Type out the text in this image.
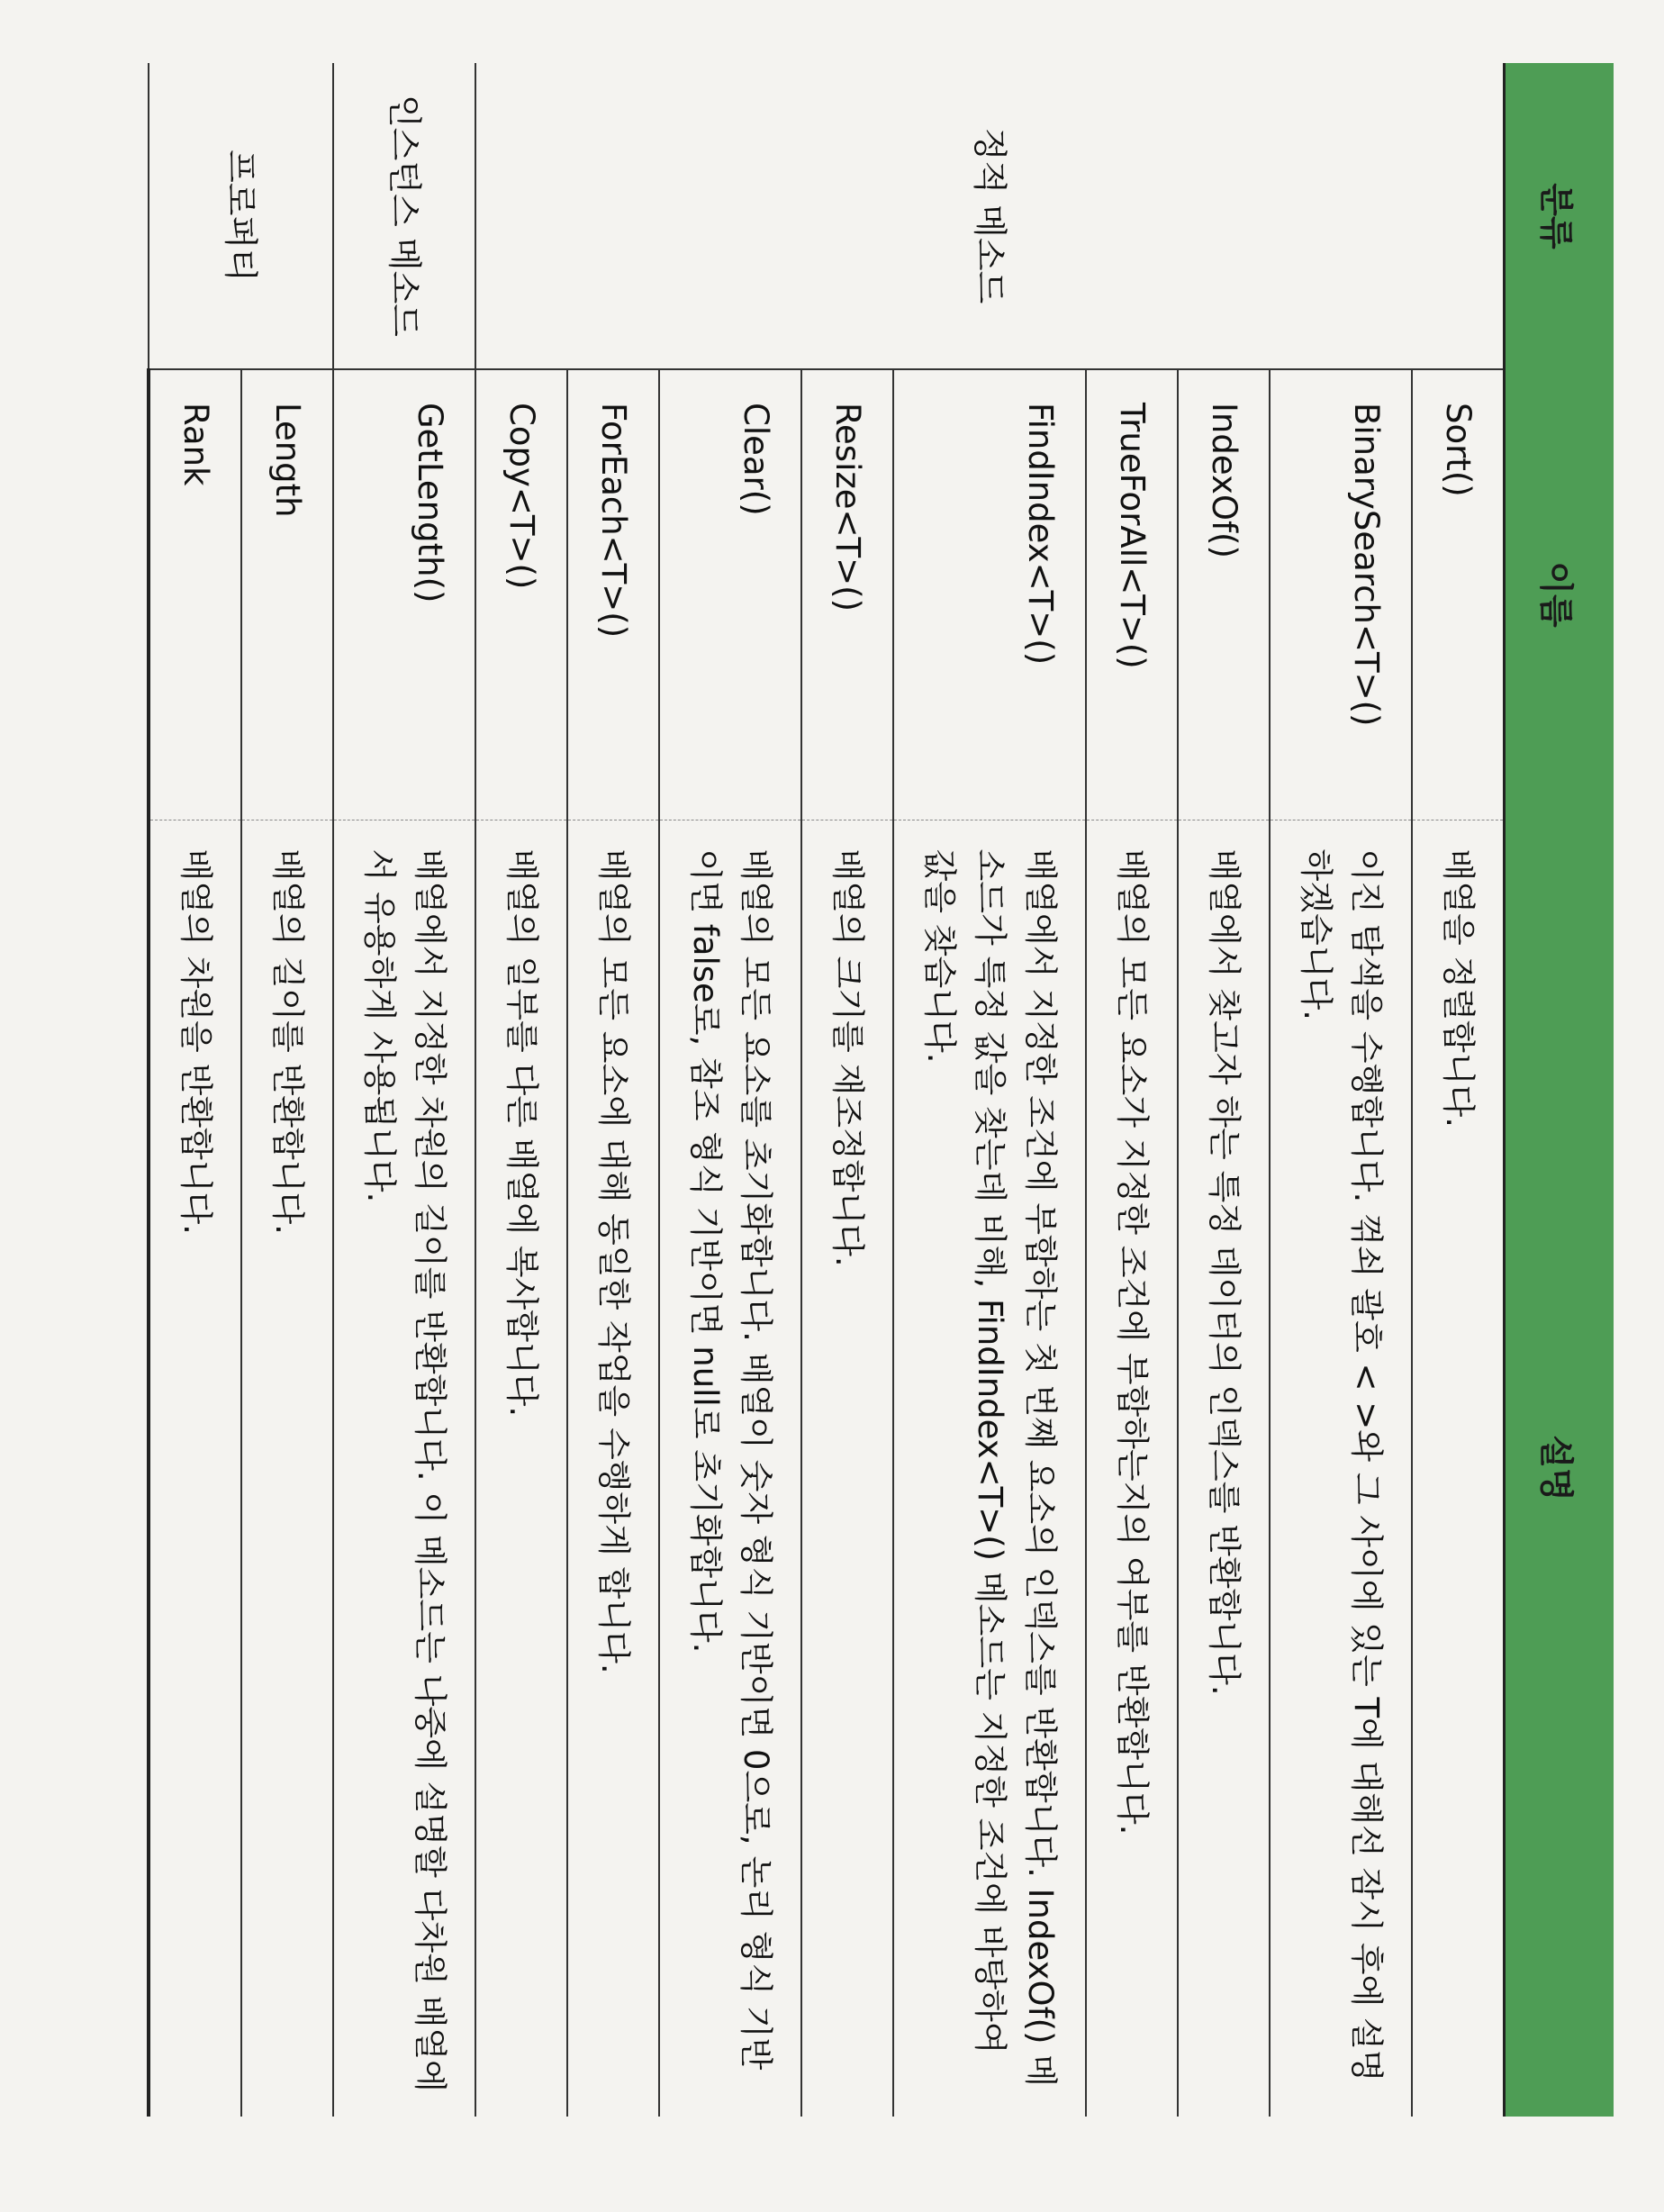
분류	이름	설명
정적 메소드	Sort()	배열을 정렬합니다.
	BinarySearch<T>()	이진 탐색을 수행합니다. 꺾쇠 괄호 < >와 그 사이에 있는 T에 대해선 잠시 후에 설명하겠습니다.
	IndexOf()	배열에서 찾고자 하는 특정 데이터의 인덱스를 반환합니다.
	TrueForAll<T>()	배열의 모든 요소가 지정한 조건에 부합하는지의 여부를 반환합니다.
	FindIndex<T>()	배열에서 지정한 조건에 부합하는 첫 번째 요소의 인덱스를 반환합니다. IndexOf() 메소드가 특정 값을 찾는데 비해, FindIndex<T>() 메소드는 지정한 조건에 바탕하여 값을 찾습니다.
	Resize<T>()	배열의 크기를 재조정합니다.
	Clear()	배열의 모든 요소를 초기화합니다. 배열이 숫자 형식 기반이면 0으로, 논리 형식 기반이면 false로, 참조 형식 기반이면 null로 초기화합니다.
	ForEach<T>()	배열의 모든 요소에 대해 동일한 작업을 수행하게 합니다.
	Copy<T>()	배열의 일부를 다른 배열에 복사합니다.
인스턴스 메소드	GetLength()	배열에서 지정한 차원의 길이를 반환합니다. 이 메소드는 나중에 설명할 다차원 배열에서 유용하게 사용됩니다.
프로퍼티	Length	배열의 길이를 반환합니다.
	Rank	배열의 차원을 반환합니다.
